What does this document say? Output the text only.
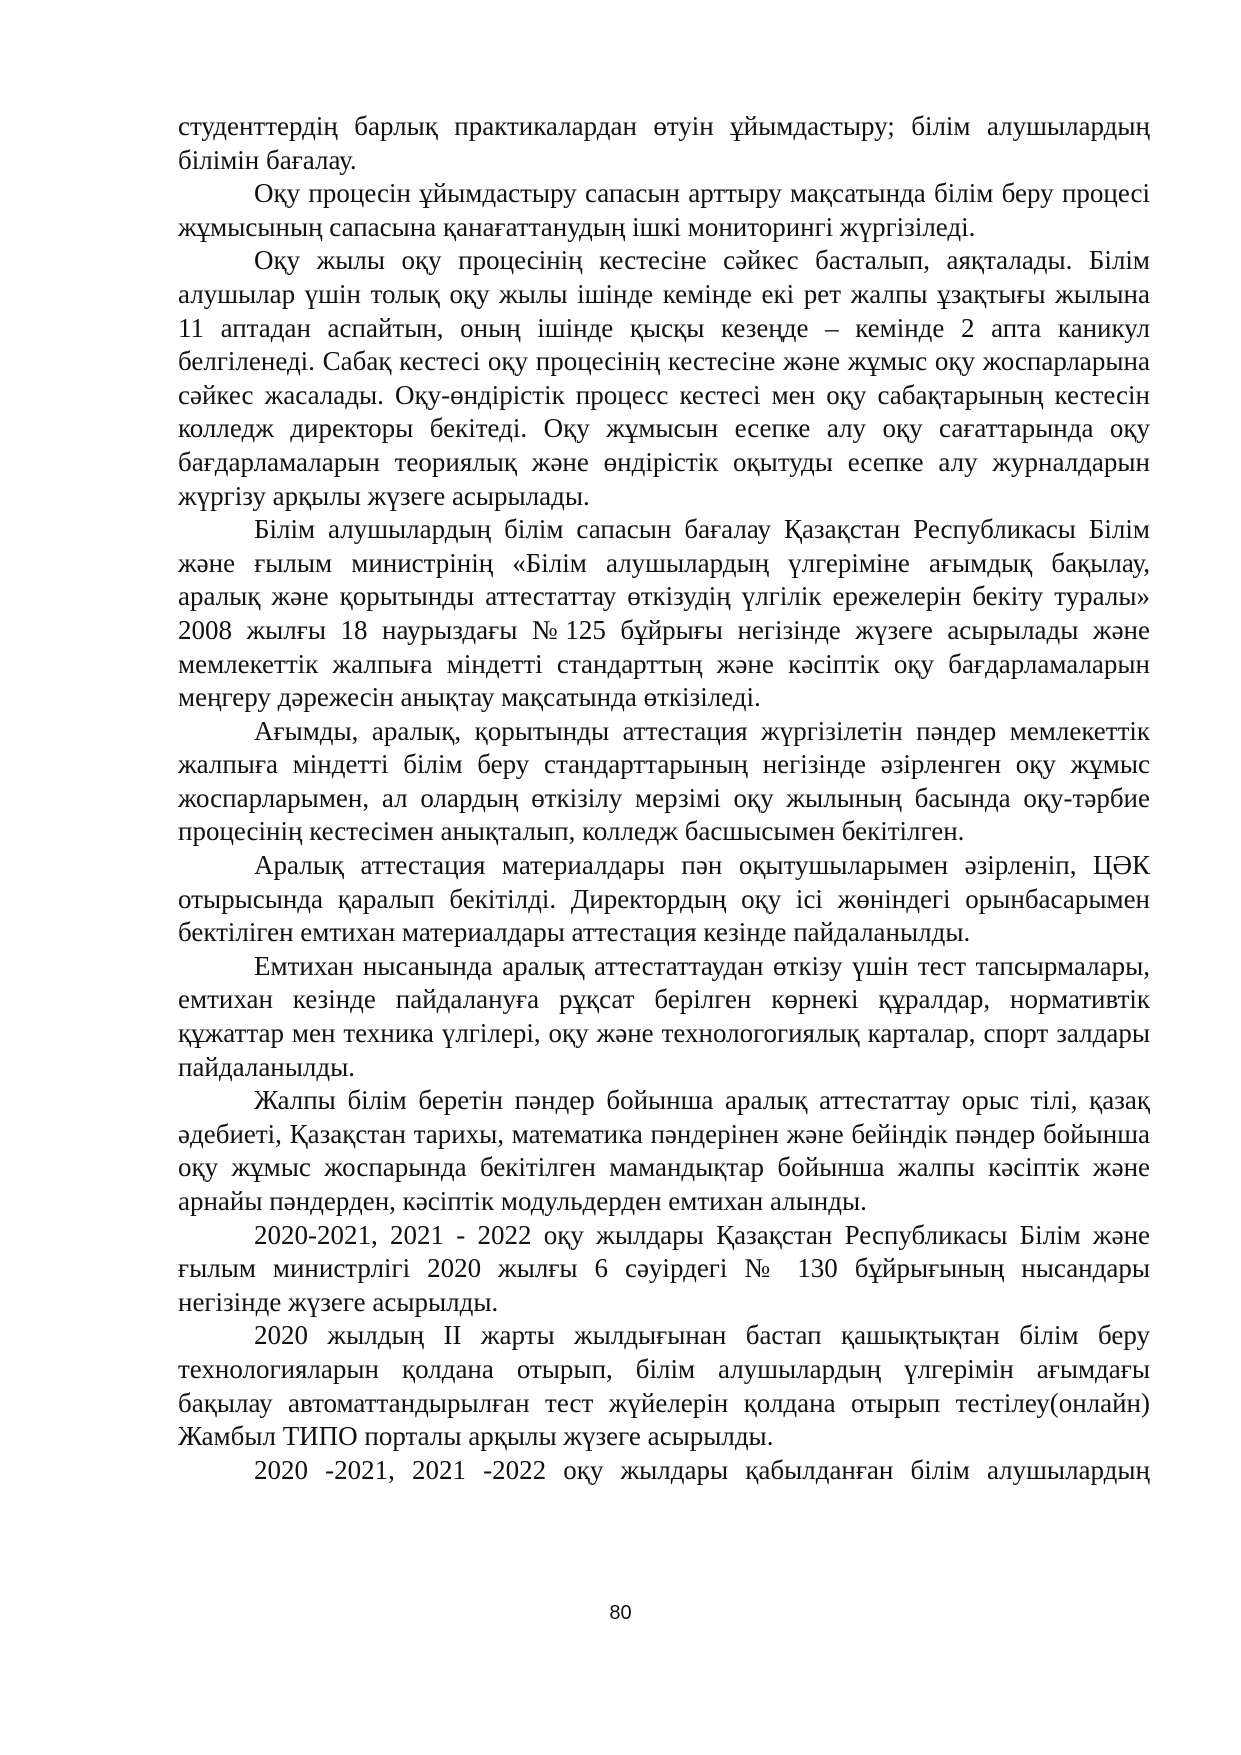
студенттердің барлық практикалардан өтуін ұйымдастыру; білім алушылардың білімін бағалау.

Оқу процесін ұйымдастыру сапасын арттыру мақсатында білім беру процесі жұмысының сапасына қанағаттанудың ішкі мониторингі жүргізіледі.

Оқу жылы оқу процесінің кестесіне сәйкес басталып, аяқталады. Білім алушылар үшін толық оқу жылы ішінде кемінде екі рет жалпы ұзақтығы жылына 11 аптадан аспайтын, оның ішінде қысқы кезеңде – кемінде 2 апта каникул белгіленеді. Сабақ кестесі оқу процесінің кестесіне және жұмыс оқу жоспарларына сәйкес жасалады. Оқу-өндірістік процесс кестесі мен оқу сабақтарының кестесін колледж директоры бекітеді. Оқу жұмысын есепке алу оқу сағаттарында оқу бағдарламаларын теориялық және өндірістік оқытуды есепке алу журналдарын жүргізу арқылы жүзеге асырылады.

Білім алушылардың білім сапасын бағалау Қазақстан Республикасы Білім және ғылым министрінің «Білім алушылардың үлгеріміне ағымдық бақылау, аралық және қорытынды аттестаттау өткізудің үлгілік ережелерін бекіту туралы» 2008 жылғы 18 наурыздағы №125 бұйрығы негізінде жүзеге асырылады және мемлекеттік жалпыға міндетті стандарттың және кәсіптік оқу бағдарламаларын меңгеру дәрежесін анықтау мақсатында өткізіледі.

Ағымды, аралық, қорытынды аттестация жүргізілетін пәндер мемлекеттік жалпыға міндетті білім беру стандарттарының негізінде әзірленген оқу жұмыс жоспарларымен, ал олардың өткізілу мерзімі оқу жылының басында оқу-тәрбие процесінің кестесімен анықталып, колледж басшысымен бекітілген.

Аралық аттестация материалдары пән оқытушыларымен әзірленіп, ЦӘК отырысында қаралып бекітілді. Директордың оқу ісі жөніндегі орынбасарымен бектілiген емтихан материалдары аттестация кезінде пайдаланылды.

Емтихан нысанында аралық аттестаттаудан өткізу үшін тест тапсырмалары, емтихан кезінде пайдалануға рұқсат берілген көрнекі құралдар, нормативтік құжаттар мен техника үлгілері, оқу және технологогиялық карталар, спорт залдары пайдаланылды.

Жалпы білім беретін пәндер бойынша аралық аттестаттау орыс тілі, қазақ әдебиеті, Қазақстан тарихы, математика пәндерінен және бейіндік пәндер бойынша оқу жұмыс жоспарында бекітілген мамандықтар бойынша жалпы кәсіптік және арнайы пәндерден, кәсіптік модульдерден емтихан алынды.

2020-2021, 2021 - 2022 оқу жылдары Қазақстан Республикасы Білім және ғылым министрлігі 2020 жылғы 6 сәуірдегі № 130 бұйрығының нысандары негізінде жүзеге асырылды.

2020 жылдың ІІ жарты жылдығынан бастап қашықтықтан білім беру технологияларын қолдана отырып, білім алушылардың үлгерімін ағымдағы бақылау автоматтандырылған тест жүйелерін қолдана отырып тестілеу(онлайн) Жамбыл ТИПО порталы арқылы жүзеге асырылды.

2020 -2021, 2021 -2022 оқу жылдары қабылданған білім алушылардың

80
